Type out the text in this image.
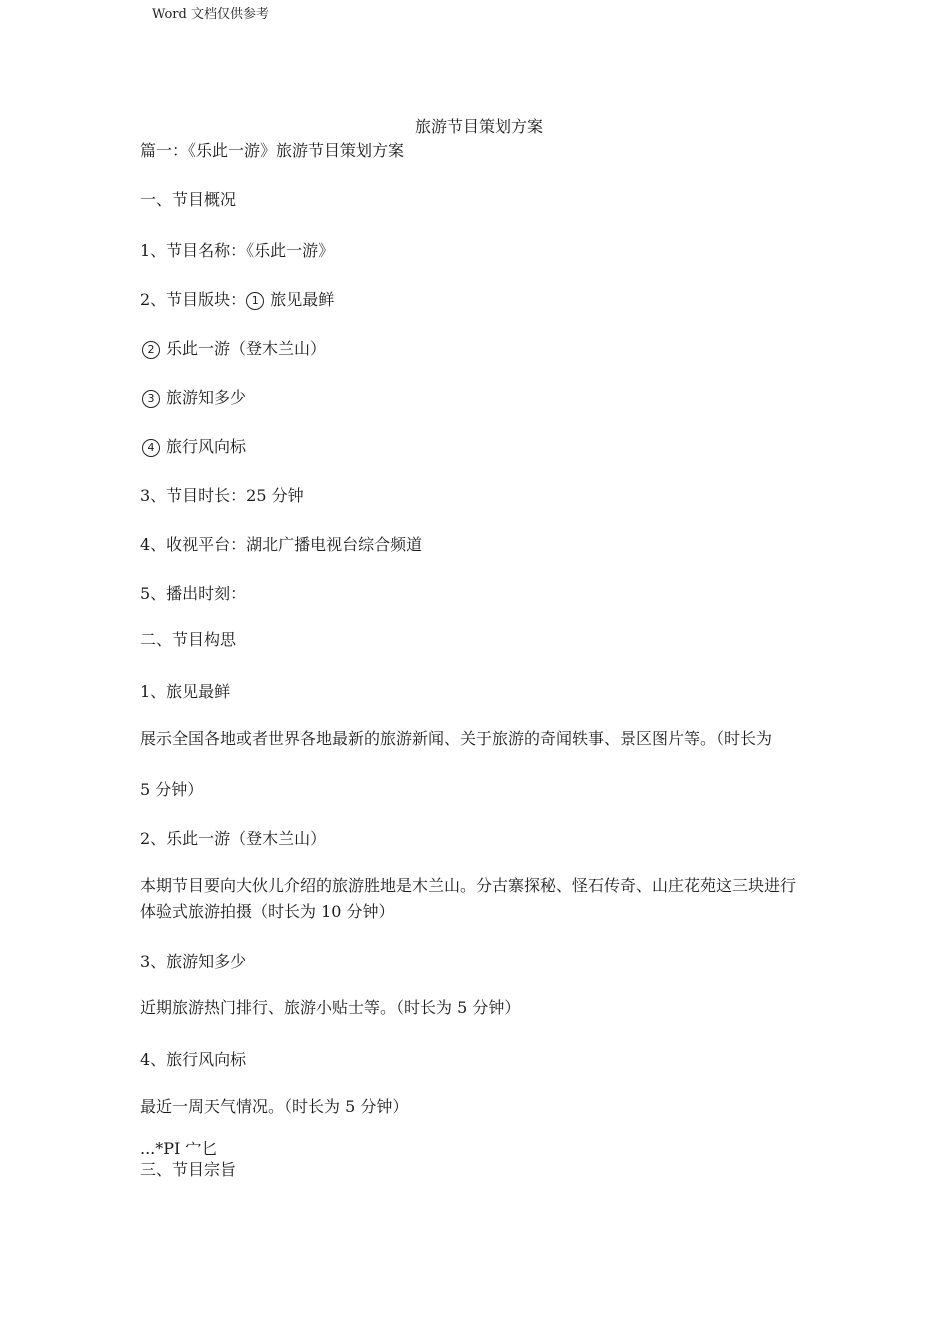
Word 文档仅供参考
旅游节目策划方案
篇一：《乐此一游》旅游节目策划方案
一、节目概况
1、节目名称：《乐此一游》
2、节目版块： 1 旅见最鲜
2 乐此一游（登木兰山）
3 旅游知多少
4 旅行风向标
3、节目时长：25 分钟
4、收视平台：湖北广播电视台综合频道
5、播出时刻：
二、节目构思
1、旅见最鲜
展示全国各地或者世界各地最新的旅游新闻、关于旅游的奇闻轶事、景区图片等。（时长为
5 分钟）
2、乐此一游（登木兰山）
本期节目要向大伙儿介绍的旅游胜地是木兰山。分古寨探秘、怪石传奇、山庄花苑这三块进行体验式旅游拍摄（时长为 10 分钟）
3、旅游知多少
近期旅游热门排行、旅游小贴士等。（时长为 5 分钟）
4、旅行风向标
最近一周天气情况。（时长为 5 分钟）
...*PI 宀匕
三、节目宗旨
